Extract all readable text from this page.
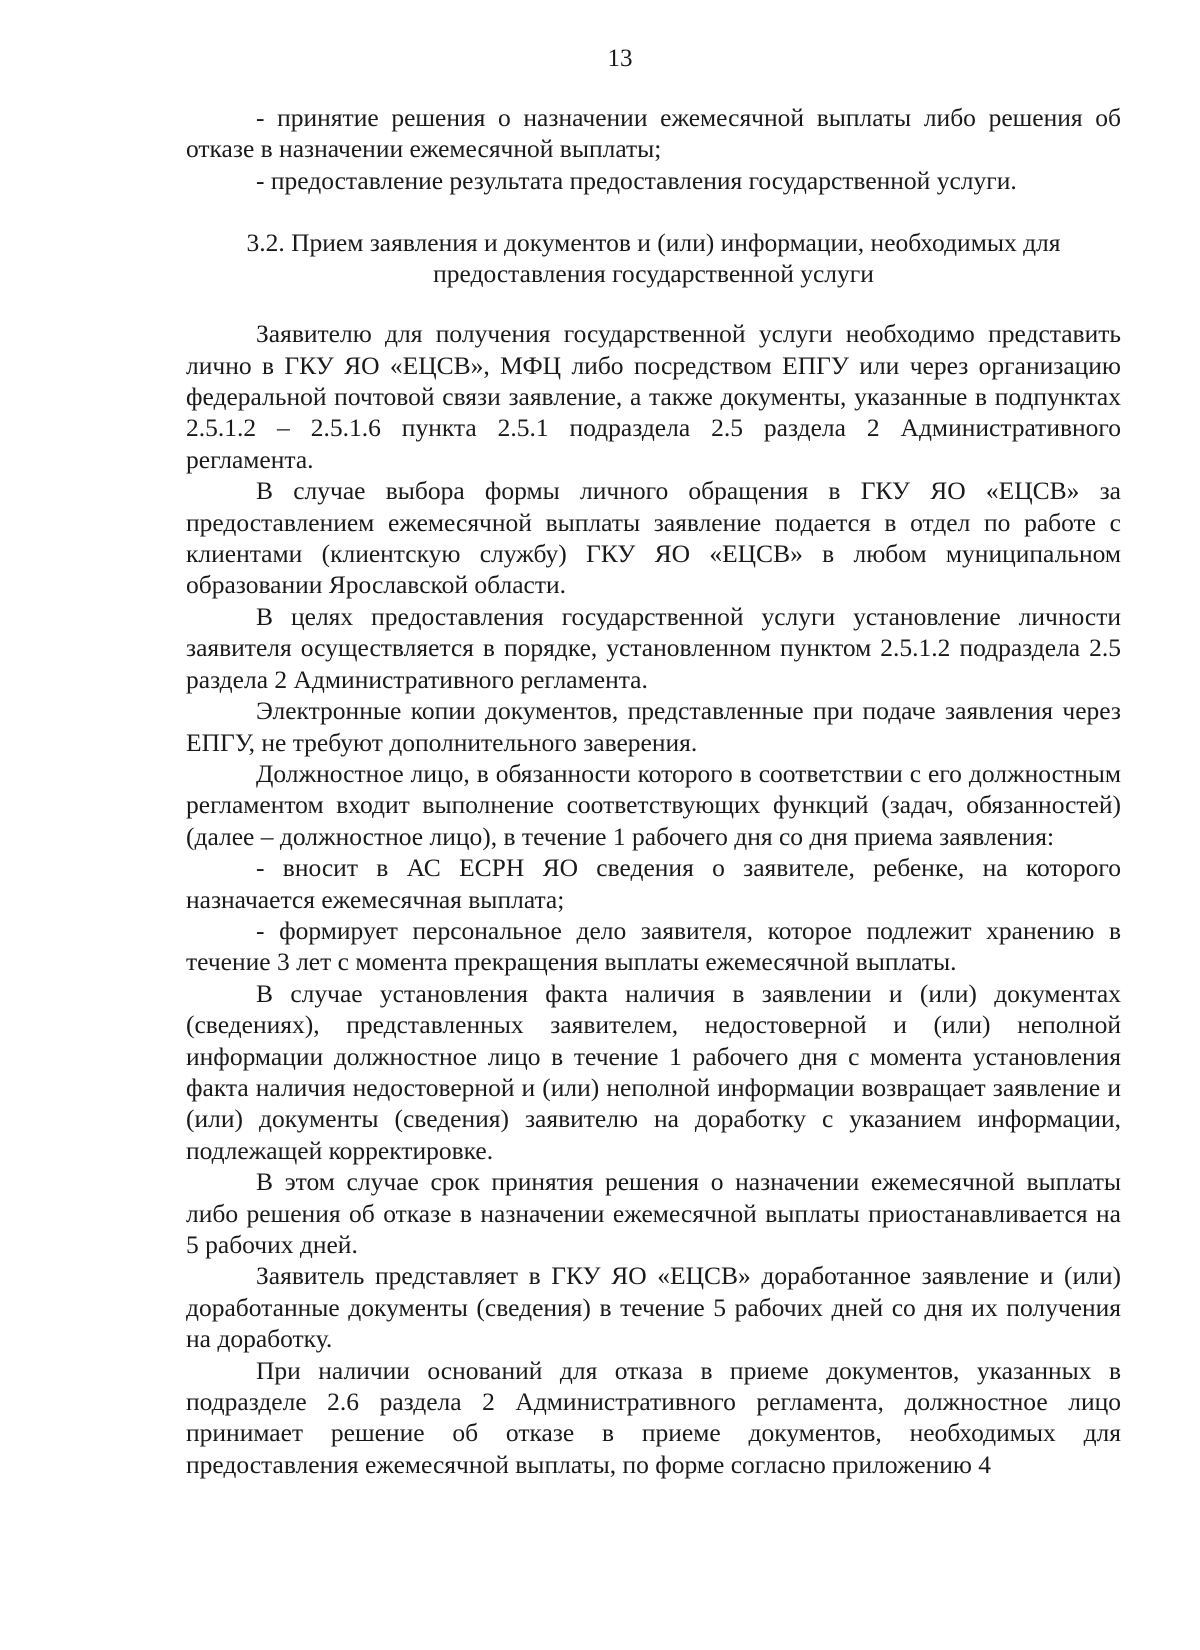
13

- принятие решения о назначении ежемесячной выплаты либо решения об отказе в назначении ежемесячной выплаты;

- предоставление результата предоставления государственной услуги.

3.2. Прием заявления и документов и (или) информации, необходимых для
предоставления государственной услуги

Заявителю для получения государственной услуги необходимо представить лично в ГКУ ЯО «ЕЦСВ», МФЦ либо посредством ЕПГУ или через организацию федеральной почтовой связи заявление, а также документы, указанные в подпунктах 2.5.1.2 – 2.5.1.6 пункта 2.5.1 подраздела 2.5 раздела 2 Административного регламента.

В случае выбора формы личного обращения в ГКУ ЯО «ЕЦСВ» за предоставлением ежемесячной выплаты заявление подается в отдел по работе с клиентами (клиентскую службу) ГКУ ЯО «ЕЦСВ» в любом муниципальном образовании Ярославской области.

В целях предоставления государственной услуги установление личности заявителя осуществляется в порядке, установленном пунктом 2.5.1.2 подраздела 2.5 раздела 2 Административного регламента.

Электронные копии документов, представленные при подаче заявления через ЕПГУ, не требуют дополнительного заверения.

Должностное лицо, в обязанности которого в соответствии с его должностным регламентом входит выполнение соответствующих функций (задач, обязанностей) (далее – должностное лицо), в течение 1 рабочего дня со дня приема заявления:

- вносит в АС ЕСРН ЯО сведения о заявителе, ребенке, на которого назначается ежемесячная выплата;

- формирует персональное дело заявителя, которое подлежит хранению в течение 3 лет с момента прекращения выплаты ежемесячной выплаты.

В случае установления факта наличия в заявлении и (или) документах (сведениях), представленных заявителем, недостоверной и (или) неполной информации должностное лицо в течение 1 рабочего дня с момента установления факта наличия недостоверной и (или) неполной информации возвращает заявление и (или) документы (сведения) заявителю на доработку с указанием информации, подлежащей корректировке.

В этом случае срок принятия решения о назначении ежемесячной выплаты либо решения об отказе в назначении ежемесячной выплаты приостанавливается на 5 рабочих дней.

Заявитель представляет в ГКУ ЯО «ЕЦСВ» доработанное заявление и (или) доработанные документы (сведения) в течение 5 рабочих дней со дня их получения на доработку.

При наличии оснований для отказа в приеме документов, указанных в подразделе 2.6 раздела 2 Административного регламента, должностное лицо принимает решение об отказе в приеме документов, необходимых для предоставления ежемесячной выплаты, по форме согласно приложению 4
